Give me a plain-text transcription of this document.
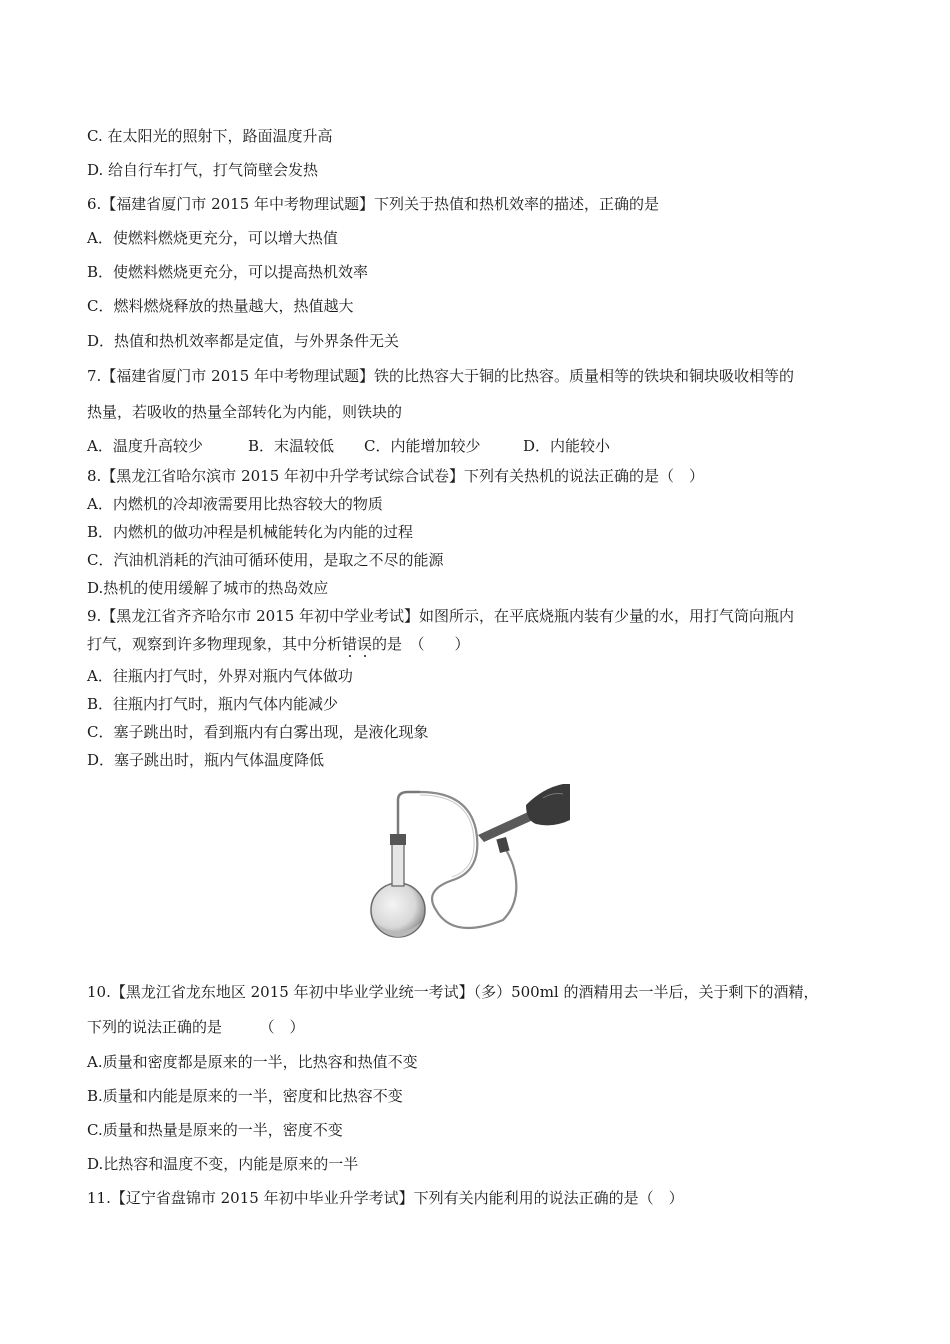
C. 在太阳光的照射下，路面温度升高
D. 给自行车打气，打气筒壁会发热
6.【福建省厦门市 2015 年中考物理试题】下列关于热值和热机效率的描述，正确的是
A．使燃料燃烧更充分，可以增大热值
B．使燃料燃烧更充分，可以提高热机效率
C．燃料燃烧释放的热量越大，热值越大
D．热值和热机效率都是定值，与外界条件无关
7.【福建省厦门市 2015 年中考物理试题】铁的比热容大于铜的比热容。质量相等的铁块和铜块吸收相等的
热量，若吸收的热量全部转化为内能，则铁块的
A．温度升高较少	B．末温较低 C．内能增加较少	D．内能较小
8.【黑龙江省哈尔滨市 2015 年初中升学考试综合试卷】下列有关热机的说法正确的是（　）
A．内燃机的冷却液需要用比热容较大的物质
B．内燃机的做功冲程是机械能转化为内能的过程
C．汽油机消耗的汽油可循环使用，是取之不尽的能源
D.热机的使用缓解了城市的热岛效应
9.【黑龙江省齐齐哈尔市 2015 年初中学业考试】如图所示，在平底烧瓶内装有少量的水，用打气筒向瓶内
打气，观察到许多物理现象，其中分析错误的是　（　　）
A．往瓶内打气时，外界对瓶内气体做功
B．往瓶内打气时，瓶内气体内能减少
C．塞子跳出时，看到瓶内有白雾出现，是液化现象
D．塞子跳出时，瓶内气体温度降低
10.【黑龙江省龙东地区 2015 年初中毕业学业统一考试】（多）500ml 的酒精用去一半后，关于剩下的酒精，
下列的说法正确的是　　　（　）
A.质量和密度都是原来的一半，比热容和热值不变
B.质量和内能是原来的一半，密度和比热容不变
C.质量和热量是原来的一半，密度不变
D.比热容和温度不变，内能是原来的一半
11.【辽宁省盘锦市 2015 年初中毕业升学考试】下列有关内能利用的说法正确的是（　）
